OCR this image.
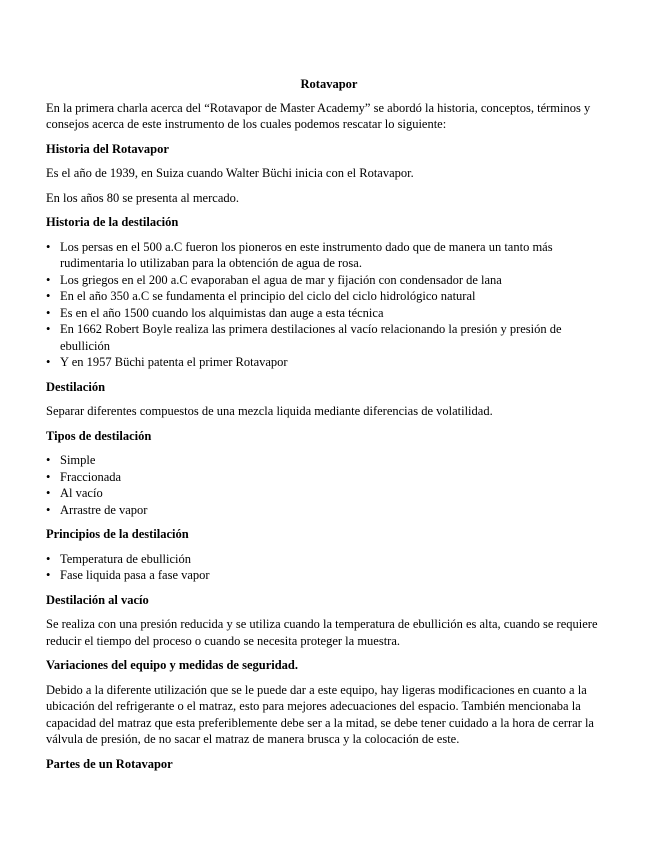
Rotavapor

En la primera charla acerca del “Rotavapor de Master Academy” se abordó la historia, conceptos, términos y consejos acerca de este instrumento de los cuales podemos rescatar lo siguiente:

Historia del Rotavapor

Es el año de 1939, en Suiza cuando Walter Büchi inicia con el Rotavapor.

En los años 80 se presenta al mercado.

Historia de la destilación
• Los persas en el 500 a.C fueron los pioneros en este instrumento dado que de manera un tanto más rudimentaria lo utilizaban para la obtención de agua de rosa.
• Los griegos en el 200 a.C evaporaban el agua de mar y fijación con condensador de lana
• En el año 350 a.C se fundamenta el principio del ciclo del ciclo hidrológico natural
• Es en el año 1500 cuando los alquimistas dan auge a esta técnica
• En 1662 Robert Boyle realiza las primera destilaciones al vacío relacionando la presión y presión de ebullición
• Y en 1957 Büchi patenta el primer Rotavapor
Destilación

Separar diferentes compuestos de una mezcla liquida mediante diferencias de volatilidad.

Tipos de destilación
• Simple
• Fraccionada
• Al vacío
• Arrastre de vapor
Principios de la destilación
• Temperatura de ebullición
• Fase liquida pasa a fase vapor
Destilación al vacío

Se realiza con una presión reducida y se utiliza cuando la temperatura de ebullición es alta, cuando se requiere reducir el tiempo del proceso o cuando se necesita proteger la muestra.

Variaciones del equipo y medidas de seguridad.

Debido a la diferente utilización que se le puede dar a este equipo, hay ligeras modificaciones en cuanto a la ubicación del refrigerante o el matraz, esto para mejores adecuaciones del espacio. También mencionaba la capacidad del matraz que esta preferiblemente debe ser a la mitad, se debe tener cuidado a la hora de cerrar la válvula de presión, de no sacar el matraz de manera brusca y la colocación de este.

Partes de un Rotavapor
